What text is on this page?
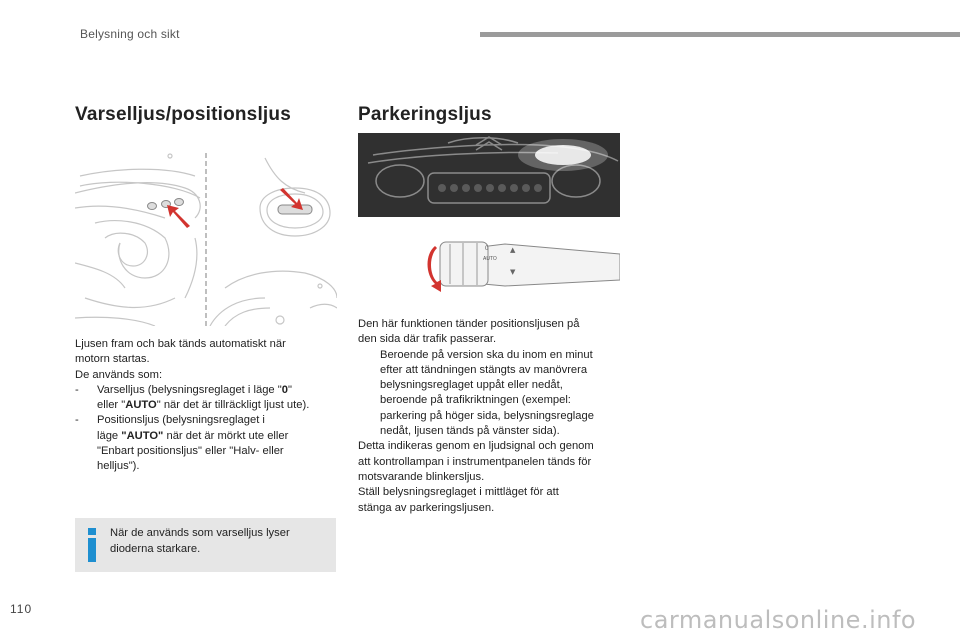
Belysning och sikt
Varselljus/positionsljus	Parkeringsljus
AUTO
0	▲
▼

Ljusen fram och bak tänds automatiskt när

motorn startas.

De används som:

- Varselljus (belysningsreglaget i läge "0"
eller "AUTO" när det är tillräckligt ljust ute).

- Positionsljus (belysningsreglaget i
läge "AUTO" när det är mörkt ute eller
"Enbart positionsljus" eller "Halv- eller
helljus").

När de används som varselljus lyser
dioderna starkare.

Den här funktionen tänder positionsljusen på

den sida där trafik passerar.

Beroende på version ska du inom en minut
efter att tändningen stängts av manövrera
belysningsreglaget uppåt eller nedåt,
beroende på trafikriktningen (exempel:
parkering på höger sida, belysningsreglage
nedåt, ljusen tänds på vänster sida).

Detta indikeras genom en ljudsignal och genom

att kontrollampan i instrumentpanelen tänds för

motsvarande blinkersljus.

Ställ belysningsreglaget i mittläget för att

stänga av parkeringsljusen.

110	carmanualsonline.info
